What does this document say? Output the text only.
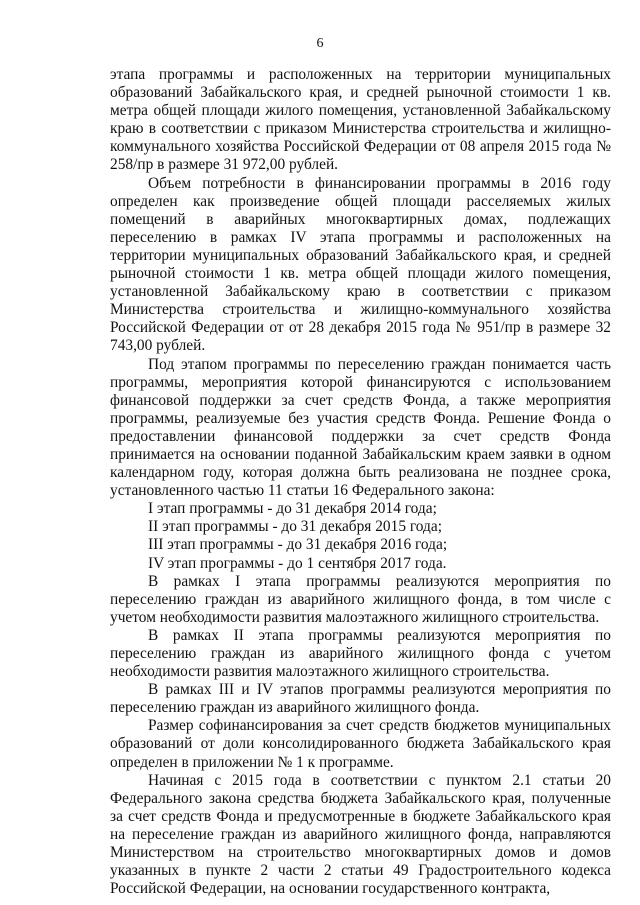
6

этапа программы и расположенных на территории муниципальных образований Забайкальского края, и средней рыночной стоимости 1 кв. метра общей площади жилого помещения, установленной Забайкальскому краю в соответствии с приказом Министерства строительства и жилищно-коммунального хозяйства Российской Федерации от 08 апреля 2015 года № 258/пр в размере 31 972,00 рублей.

Объем потребности в финансировании программы в 2016 году определен как произведение общей площади расселяемых жилых помещений в аварийных многоквартирных домах, подлежащих переселению в рамках IV этапа программы и расположенных на территории муниципальных образований Забайкальского края, и средней рыночной стоимости 1 кв. метра общей площади жилого помещения, установленной Забайкальскому краю в соответствии с приказом Министерства строительства и жилищно-коммунального хозяйства Российской Федерации от от 28 декабря 2015 года № 951/пр в размере 32 743,00 рублей.

Под этапом программы по переселению граждан понимается часть программы, мероприятия которой финансируются с использованием финансовой поддержки за счет средств Фонда, а также мероприятия программы, реализуемые без участия средств Фонда. Решение Фонда о предоставлении финансовой поддержки за счет средств Фонда принимается на основании поданной Забайкальским краем заявки в одном календарном году, которая должна быть реализована не позднее срока, установленного частью 11 статьи 16 Федерального закона:

I этап программы - до 31 декабря 2014 года;

II этап программы - до 31 декабря 2015 года;

III этап программы - до 31 декабря 2016 года;

IV этап программы - до 1 сентября 2017 года.

В рамках I этапа программы реализуются мероприятия по переселению граждан из аварийного жилищного фонда, в том числе с учетом необходимости развития малоэтажного жилищного строительства.

В рамках II этапа программы реализуются мероприятия по переселению граждан из аварийного жилищного фонда с учетом необходимости развития малоэтажного жилищного строительства.

В рамках III и IV этапов программы реализуются мероприятия по переселению граждан из аварийного жилищного фонда.

Размер софинансирования за счет средств бюджетов муниципальных образований от доли консолидированного бюджета Забайкальского края определен в приложении № 1 к программе.

Начиная с 2015 года в соответствии с пунктом 2.1 статьи 20 Федерального закона средства бюджета Забайкальского края, полученные за счет средств Фонда и предусмотренные в бюджете Забайкальского края на переселение граждан из аварийного жилищного фонда, направляются Министерством на строительство многоквартирных домов и домов указанных в пункте 2 части 2 статьи 49 Градостроительного кодекса Российской Федерации, на основании государственного контракта,
